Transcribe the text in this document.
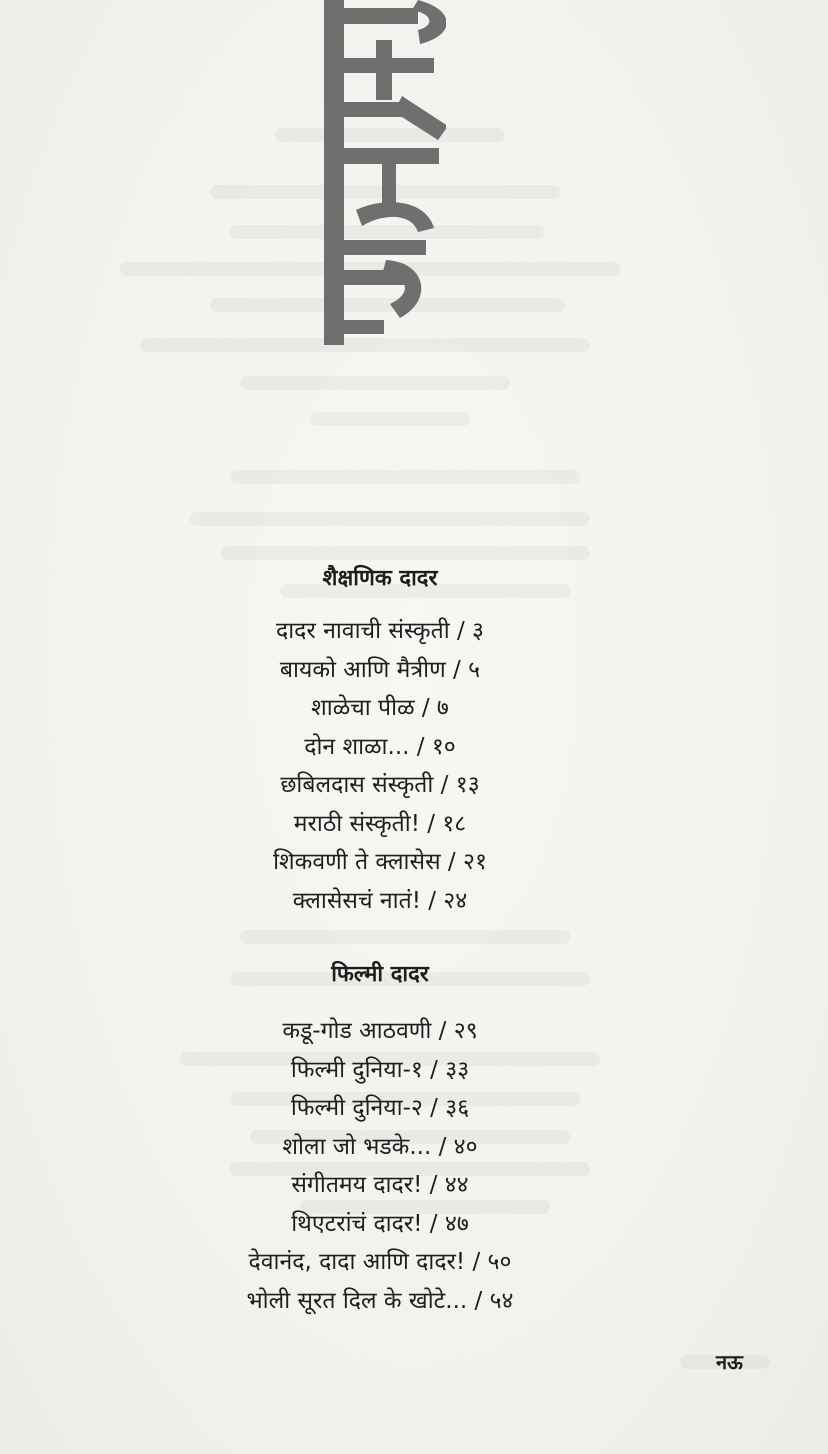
शैक्षणिक दादर
दादर नावाची संस्कृती / ३
बायको आणि मैत्रीण / ५
शाळेचा पीळ / ७
दोन शाळा... / १०
छबिलदास संस्कृती / १३
मराठी संस्कृती! / १८
शिकवणी ते क्लासेस / २१
क्लासेसचं नातं! / २४
फिल्मी दादर
कडू-गोड आठवणी / २९
फिल्मी दुनिया-१ / ३३
फिल्मी दुनिया-२ / ३६
शोला जो भडके... / ४०
संगीतमय दादर! / ४४
थिएटरांचं दादर! / ४७
देवानंद, दादा आणि दादर! / ५०
भोली सूरत दिल के खोटे... / ५४
नऊ
